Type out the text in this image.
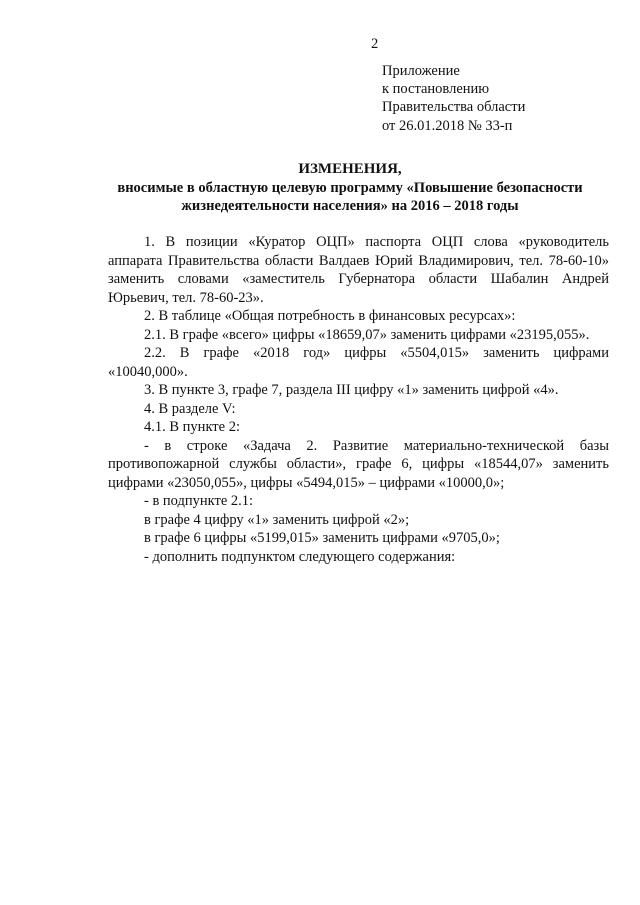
2
Приложение
к постановлению
Правительства области
от 26.01.2018 № 33-п
ИЗМЕНЕНИЯ,
вносимые в областную целевую программу «Повышение безопасности
жизнедеятельности населения» на 2016 – 2018 годы

1. В позиции «Куратор ОЦП» паспорта ОЦП слова «руководитель аппарата Правительства области Валдаев Юрий Владимирович, тел. 78-60-10» заменить словами «заместитель Губернатора области Шабалин Андрей Юрьевич, тел. 78-60-23».

2. В таблице «Общая потребность в финансовых ресурсах»:

2.1. В графе «всего» цифры «18659,07» заменить цифрами «23195,055».

2.2. В графе «2018 год» цифры «5504,015» заменить цифрами «10040,000».

3. В пункте 3, графе 7, раздела III цифру «1» заменить цифрой «4».

4. В разделе V:

4.1. В пункте 2:

- в строке «Задача 2. Развитие материально-технической базы противопожарной службы области», графе 6, цифры «18544,07» заменить цифрами «23050,055», цифры «5494,015» – цифрами «10000,0»;

- в подпункте 2.1:

в графе 4 цифру «1» заменить цифрой «2»;

в графе 6 цифры «5199,015» заменить цифрами «9705,0»;

- дополнить подпунктом следующего содержания:
